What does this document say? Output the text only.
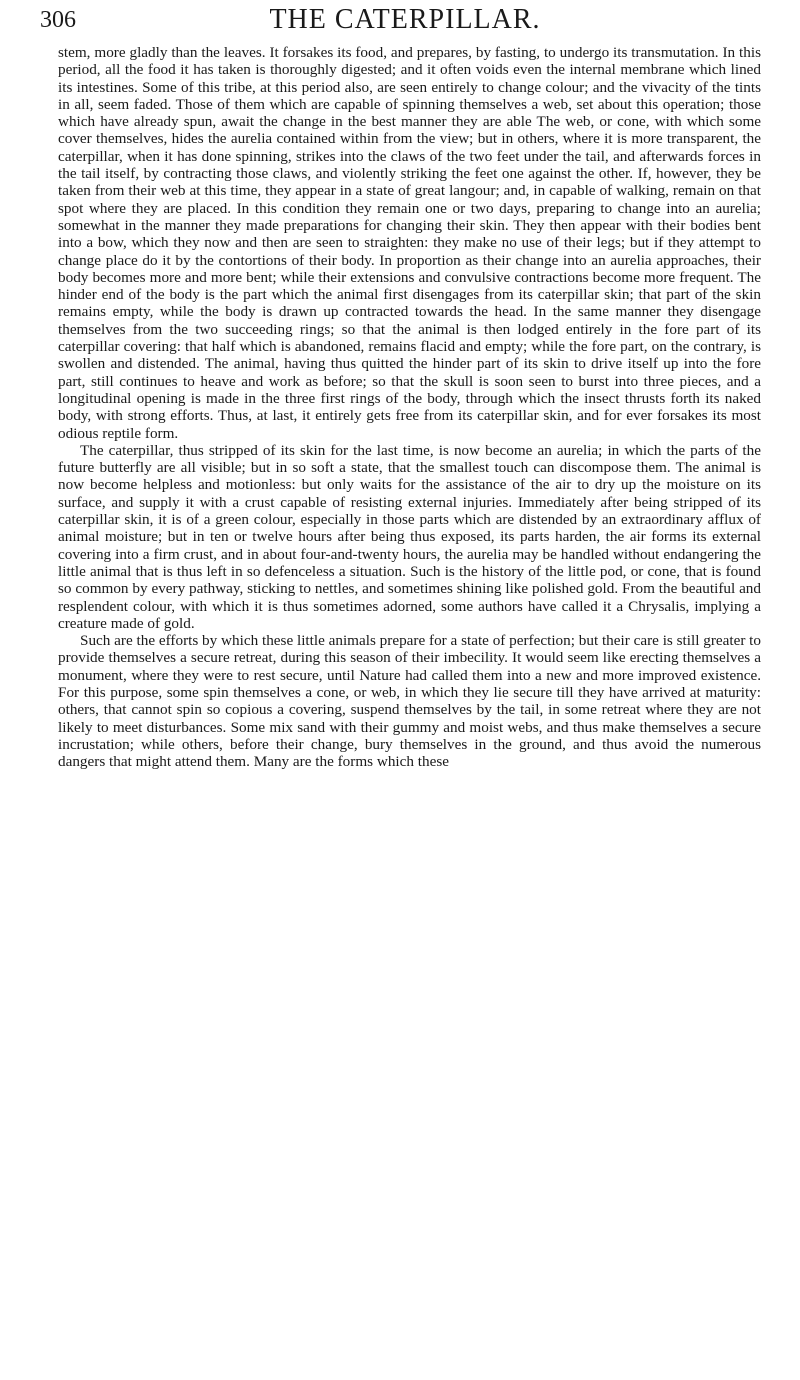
306	THE CATERPILLAR.

stem, more gladly than the leaves. It forsakes its food, and prepares, by fasting, to undergo its transmutation. In this period, all the food it has taken is thoroughly digested; and it often voids even the internal membrane which lined its intestines. Some of this tribe, at this period also, are seen entirely to change colour; and the vivacity of the tints in all, seem faded. Those of them which are capable of spinning themselves a web, set about this operation; those which have already spun, await the change in the best manner they are able The web, or cone, with which some cover themselves, hides the aurelia contained within from the view; but in others, where it is more transparent, the caterpillar, when it has done spinning, strikes into the claws of the two feet under the tail, and afterwards forces in the tail itself, by contracting those claws, and violently striking the feet one against the other. If, however, they be taken from their web at this time, they appear in a state of great langour; and, in capable of walking, remain on that spot where they are placed. In this condition they remain one or two days, preparing to change into an aurelia; somewhat in the manner they made preparations for changing their skin. They then appear with their bodies bent into a bow, which they now and then are seen to straighten: they make no use of their legs; but if they attempt to change place do it by the contortions of their body. In proportion as their change into an aurelia approaches, their body becomes more and more bent; while their extensions and convulsive contractions become more frequent. The hinder end of the body is the part which the animal first disengages from its caterpillar skin; that part of the skin remains empty, while the body is drawn up contracted towards the head. In the same manner they disengage themselves from the two succeeding rings; so that the animal is then lodged entirely in the fore part of its caterpillar covering: that half which is abandoned, remains flacid and empty; while the fore part, on the contrary, is swollen and distended. The animal, having thus quitted the hinder part of its skin to drive itself up into the fore part, still continues to heave and work as before; so that the skull is soon seen to burst into three pieces, and a longitudinal opening is made in the three first rings of the body, through which the insect thrusts forth its naked body, with strong efforts. Thus, at last, it entirely gets free from its caterpillar skin, and for ever forsakes its most odious reptile form.

The caterpillar, thus stripped of its skin for the last time, is now become an aurelia; in which the parts of the future butterfly are all visible; but in so soft a state, that the smallest touch can discompose them. The animal is now become helpless and motionless: but only waits for the assistance of the air to dry up the moisture on its surface, and supply it with a crust capable of resisting external injuries. Immediately after being stripped of its caterpillar skin, it is of a green colour, especially in those parts which are distended by an extraordinary afflux of animal moisture; but in ten or twelve hours after being thus exposed, its parts harden, the air forms its external covering into a firm crust, and in about four-and-twenty hours, the aurelia may be handled without endangering the little animal that is thus left in so defenceless a situation. Such is the history of the little pod, or cone, that is found so common by every pathway, sticking to nettles, and sometimes shining like polished gold. From the beautiful and resplendent colour, with which it is thus sometimes adorned, some authors have called it a Chrysalis, implying a creature made of gold.

Such are the efforts by which these little animals prepare for a state of perfection; but their care is still greater to provide themselves a secure retreat, during this season of their imbecility. It would seem like erecting themselves a monument, where they were to rest secure, until Nature had called them into a new and more improved existence. For this purpose, some spin themselves a cone, or web, in which they lie secure till they have arrived at maturity: others, that cannot spin so copious a covering, suspend themselves by the tail, in some retreat where they are not likely to meet disturbances. Some mix sand with their gummy and moist webs, and thus make themselves a secure incrustation; while others, before their change, bury themselves in the ground, and thus avoid the numerous dangers that might attend them. Many are the forms which these
